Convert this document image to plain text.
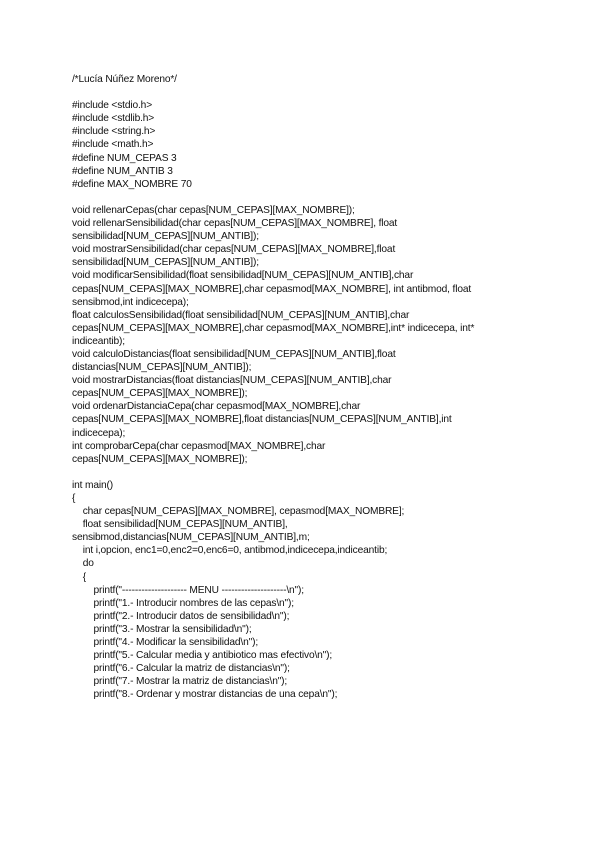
/*Lucía Núñez Moreno*/
#include <stdio.h>
#include <stdlib.h>
#include <string.h>
#include <math.h>
#define NUM_CEPAS 3
#define NUM_ANTIB 3
#define MAX_NOMBRE 70
void rellenarCepas(char cepas[NUM_CEPAS][MAX_NOMBRE]);
void rellenarSensibilidad(char cepas[NUM_CEPAS][MAX_NOMBRE], float
sensibilidad[NUM_CEPAS][NUM_ANTIB]);
void mostrarSensibilidad(char cepas[NUM_CEPAS][MAX_NOMBRE],float
sensibilidad[NUM_CEPAS][NUM_ANTIB]);
void modificarSensibilidad(float sensibilidad[NUM_CEPAS][NUM_ANTIB],char
cepas[NUM_CEPAS][MAX_NOMBRE],char cepasmod[MAX_NOMBRE], int antibmod, float
sensibmod,int indicecepa);
float calculosSensibilidad(float sensibilidad[NUM_CEPAS][NUM_ANTIB],char
cepas[NUM_CEPAS][MAX_NOMBRE],char cepasmod[MAX_NOMBRE],int* indicecepa, int*
indiceantib);
void calculoDistancias(float sensibilidad[NUM_CEPAS][NUM_ANTIB],float
distancias[NUM_CEPAS][NUM_ANTIB]);
void mostrarDistancias(float distancias[NUM_CEPAS][NUM_ANTIB],char
cepas[NUM_CEPAS][MAX_NOMBRE]);
void ordenarDistanciaCepa(char cepasmod[MAX_NOMBRE],char
cepas[NUM_CEPAS][MAX_NOMBRE],float distancias[NUM_CEPAS][NUM_ANTIB],int
indicecepa);
int comprobarCepa(char cepasmod[MAX_NOMBRE],char
cepas[NUM_CEPAS][MAX_NOMBRE]);
int main()
{
char cepas[NUM_CEPAS][MAX_NOMBRE], cepasmod[MAX_NOMBRE];
float sensibilidad[NUM_CEPAS][NUM_ANTIB],
sensibmod,distancias[NUM_CEPAS][NUM_ANTIB],m;
int i,opcion, enc1=0,enc2=0,enc6=0, antibmod,indicecepa,indiceantib;
do
{
printf("-------------------- MENU --------------------\n");
printf("1.- Introducir nombres de las cepas\n");
printf("2.- Introducir datos de sensibilidad\n");
printf("3.- Mostrar la sensibilidad\n");
printf("4.- Modificar la sensibilidad\n");
printf("5.- Calcular media y antibiotico mas efectivo\n");
printf("6.- Calcular la matriz de distancias\n");
printf("7.- Mostrar la matriz de distancias\n");
printf("8.- Ordenar y mostrar distancias de una cepa\n");
